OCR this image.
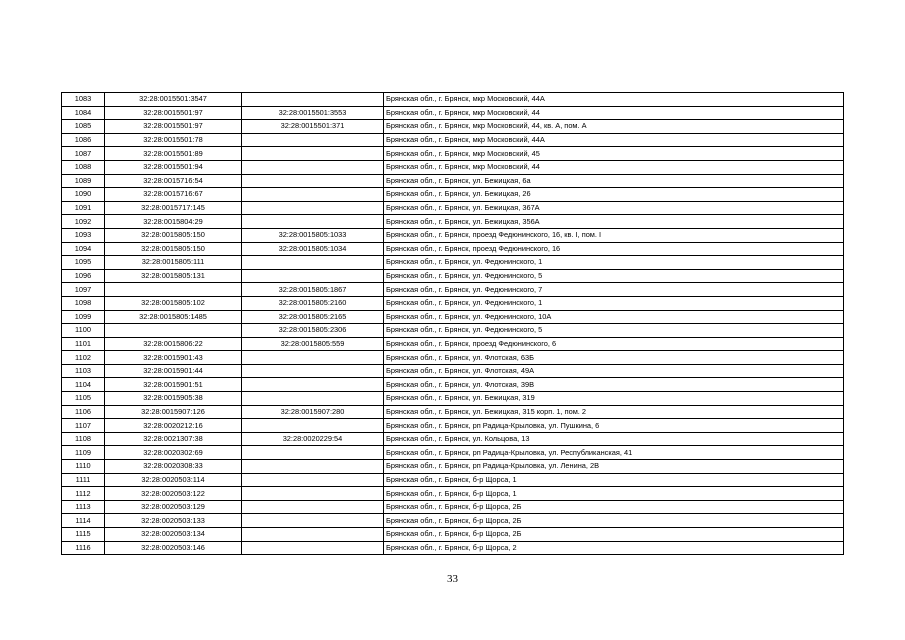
1083	32:28:0015501:3547		Брянская обл., г. Брянск, мкр Московский, 44А
1084	32:28:0015501:97	32:28:0015501:3553	Брянская обл., г. Брянск, мкр Московский, 44
1085	32:28:0015501:97	32:28:0015501:371	Брянская обл., г. Брянск, мкр Московский, 44, кв. А, пом. А
1086	32:28:0015501:78		Брянская обл., г. Брянск, мкр Московский, 44А
1087	32:28:0015501:89		Брянская обл., г. Брянск, мкр Московский, 45
1088	32:28:0015501:94		Брянская обл., г. Брянск, мкр Московский, 44
1089	32:28:0015716:54		Брянская обл., г. Брянск, ул. Бежицкая, 6а
1090	32:28:0015716:67		Брянская обл., г. Брянск, ул. Бежицкая, 26
1091	32:28:0015717:145		Брянская обл., г. Брянск, ул. Бежицкая, 367А
1092	32:28:0015804:29		Брянская обл., г. Брянск, ул. Бежицкая, 356А
1093	32:28:0015805:150	32:28:0015805:1033	Брянская обл., г. Брянск, проезд Федюнинского, 16, кв. I, пом. I
1094	32:28:0015805:150	32:28:0015805:1034	Брянская обл., г. Брянск, проезд Федюнинского, 16
1095	32:28:0015805:111		Брянская обл., г. Брянск, ул. Федюнинского, 1
1096	32:28:0015805:131		Брянская обл., г. Брянск, ул. Федюнинского, 5
1097		32:28:0015805:1867	Брянская обл., г. Брянск, ул. Федюнинского, 7
1098	32:28:0015805:102	32:28:0015805:2160	Брянская обл., г. Брянск, ул. Федюнинского, 1
1099	32:28:0015805:1485	32:28:0015805:2165	Брянская обл., г. Брянск, ул. Федюнинского, 10А
1100		32:28:0015805:2306	Брянская обл., г. Брянск, ул. Федюнинского, 5
1101	32:28:0015806:22	32:28:0015805:559	Брянская обл., г. Брянск, проезд Федюнинского, 6
1102	32:28:0015901:43		Брянская обл., г. Брянск, ул. Флотская, 63Б
1103	32:28:0015901:44		Брянская обл., г. Брянск, ул. Флотская, 49А
1104	32:28:0015901:51		Брянская обл., г. Брянск, ул. Флотская, 39В
1105	32:28:0015905:38		Брянская обл., г. Брянск, ул. Бежицкая, 319
1106	32:28:0015907:126	32:28:0015907:280	Брянская обл., г. Брянск, ул. Бежицкая, 315 корп. 1, пом. 2
1107	32:28:0020212:16		Брянская обл., г. Брянск, рп Радица-Крыловка, ул. Пушкина, 6
1108	32:28:0021307:38	32:28:0020229:54	Брянская обл., г. Брянск, ул. Кольцова, 13
1109	32:28:0020302:69		Брянская обл., г. Брянск, рп Радица-Крыловка, ул. Республиканская, 41
1110	32:28:0020308:33		Брянская обл., г. Брянск, рп Радица-Крыловка, ул. Ленина, 2В
1111	32:28:0020503:114		Брянская обл., г. Брянск, б-р Щорса, 1
1112	32:28:0020503:122		Брянская обл., г. Брянск, б-р Щорса, 1
1113	32:28:0020503:129		Брянская обл., г. Брянск, б-р Щорса, 2Б
1114	32:28:0020503:133		Брянская обл., г. Брянск, б-р Щорса, 2Б
1115	32:28:0020503:134		Брянская обл., г. Брянск, б-р Щорса, 2Б
1116	32:28:0020503:146		Брянская обл., г. Брянск, б-р Щорса, 2
33
